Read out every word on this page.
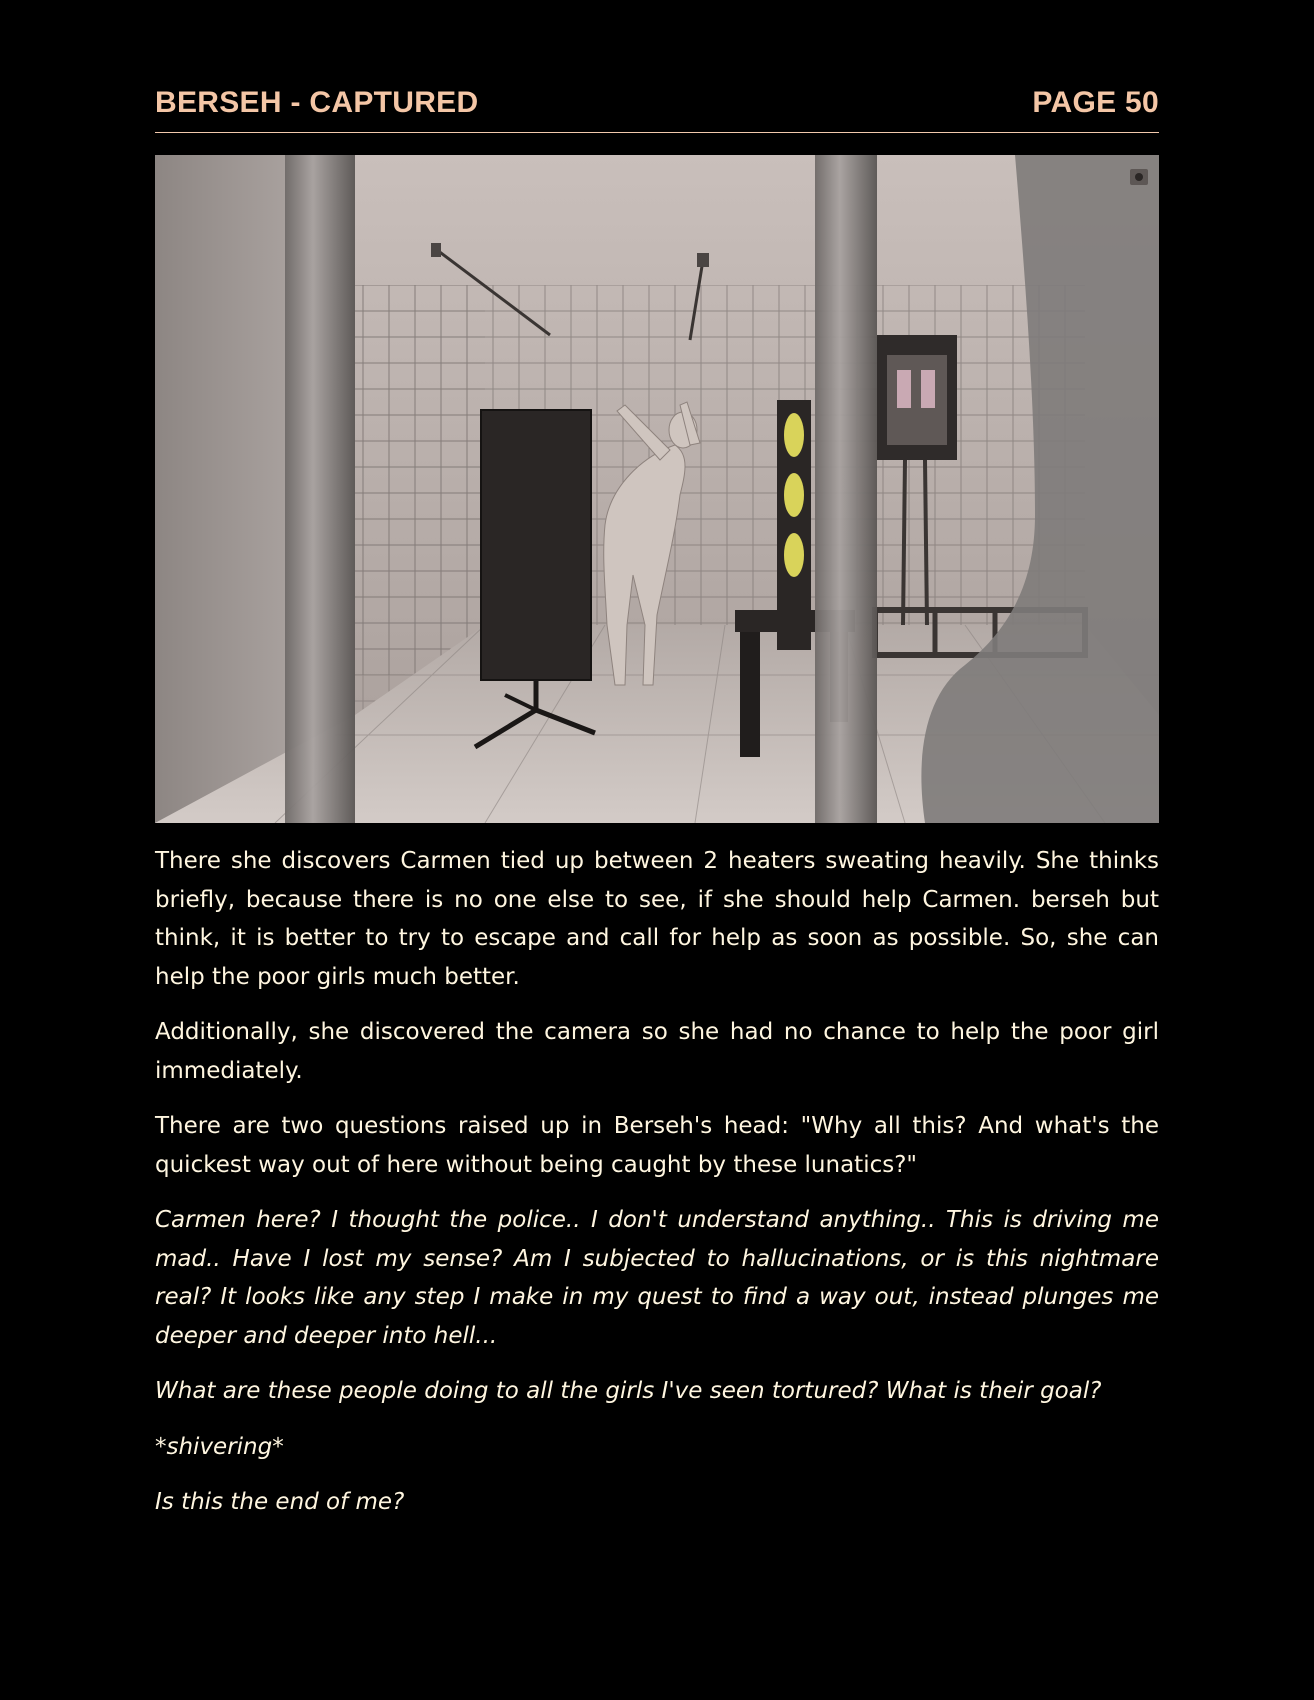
BERSEH - CAPTURED	PAGE 50

There she discovers Carmen tied up between 2 heaters sweating heavily. She thinks briefly, because there is no one else to see, if she should help Carmen. berseh but think, it is better to try to escape and call for help as soon as possible. So, she can help the poor girls much better.

Additionally, she discovered the camera so she had no chance to help the poor girl immediately.

There are two questions raised up in Berseh's head: "Why all this? And what's the quickest way out of here without being caught by these lunatics?"

Carmen here? I thought the police.. I don't understand anything.. This is driving me mad.. Have I lost my sense? Am I subjected to hallucinations, or is this nightmare real? It looks like any step I make in my quest to find a way out, instead plunges me deeper and deeper into hell...

What are these people doing to all the girls I've seen tortured? What is their goal?

*shivering*

Is this the end of me?
